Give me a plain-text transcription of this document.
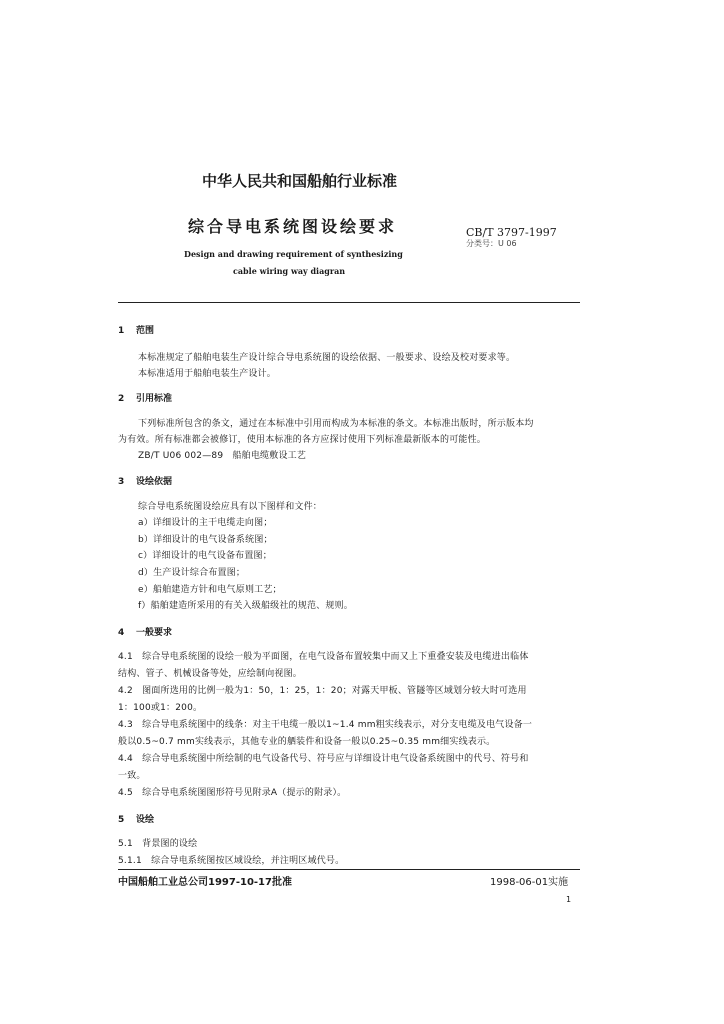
中华人民共和国船舶行业标准
综合导电系统图设绘要求	CB/T 3797-1997
分类号：U 06
Design and drawing requirement of synthesizing
cable wiring way diagran
1 范围
本标准规定了船舶电装生产设计综合导电系统图的设绘依据、一般要求、设绘及校对要求等。
本标准适用于船舶电装生产设计。
2 引用标准
下列标准所包含的条文，通过在本标准中引用而构成为本标准的条文。本标准出版时，所示版本均
为有效。所有标准都会被修订，使用本标准的各方应探讨使用下列标准最新版本的可能性。
ZB/T U06 002—89　船舶电缆敷设工艺
3 设绘依据
综合导电系统图设绘应具有以下图样和文件：
a）详细设计的主干电缆走向图；
b）详细设计的电气设备系统图；
c）详细设计的电气设备布置图；
d）生产设计综合布置图；
e）船舶建造方针和电气原则工艺；
f）船舶建造所采用的有关入级船级社的规范、规则。
4 一般要求
4.1　综合导电系统图的设绘一般为平面图，在电气设备布置较集中而又上下重叠安装及电缆进出临体
结构、管子、机械设备等处，应绘制向视图。
4.2　图面所选用的比例一般为1：50，1：25，1：20；对露天甲板、管隧等区域划分较大时可选用
1：100或1：200。
4.3　综合导电系统图中的线条：对主干电缆一般以1~1.4 mm粗实线表示，对分支电缆及电气设备一
般以0.5~0.7 mm实线表示，其他专业的舾装件和设备一般以0.25~0.35 mm细实线表示。
4.4　综合导电系统图中所绘制的电气设备代号、符号应与详细设计电气设备系统图中的代号、符号和
一致。
4.5　综合导电系统图图形符号见附录A（提示的附录）。
5 设绘
5.1　背景图的设绘
5.1.1　综合导电系统图按区域设绘，并注明区域代号。
中国船舶工业总公司1997-10-17批准	1998-06-01实施
1
